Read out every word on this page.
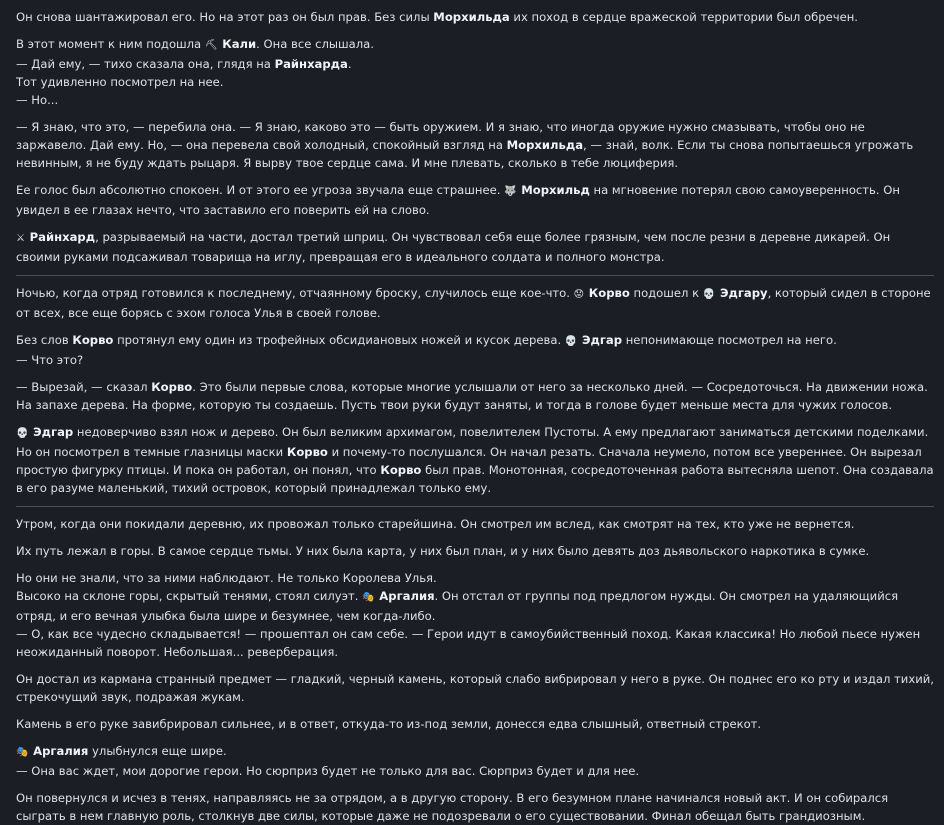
Он снова шантажировал его. Но на этот раз он был прав. Без силы Морхильда их поход в сердце вражеской территории был обречен.

В этот момент к ним подошла ⛏ Кали. Она все слышала.
— Дай ему, — тихо сказала она, глядя на Райнхарда.
Тот удивленно посмотрел на нее.
— Но...

— Я знаю, что это, — перебила она. — Я знаю, каково это — быть оружием. И я знаю, что иногда оружие нужно смазывать, чтобы оно не заржавело. Дай ему. Но, — она перевела свой холодный, спокойный взгляд на Морхильда, — знай, волк. Если ты снова попытаешься угрожать невинным, я не буду ждать рыцаря. Я вырву твое сердце сама. И мне плевать, сколько в тебе люциферия.

Ее голос был абсолютно спокоен. И от этого ее угроза звучала еще страшнее. 🐺 Морхильд на мгновение потерял свою самоуверенность. Он увидел в ее глазах нечто, что заставило его поверить ей на слово.

⚔ Райнхард, разрываемый на части, достал третий шприц. Он чувствовал себя еще более грязным, чем после резни в деревне дикарей. Он своими руками подсаживал товарища на иглу, превращая его в идеального солдата и полного монстра.

Ночью, когда отряд готовился к последнему, отчаянному броску, случилось еще кое-что. 😟 Корво подошел к 💀 Эдгару, который сидел в стороне от всех, все еще борясь с эхом голоса Улья в своей голове.

Без слов Корво протянул ему один из трофейных обсидиановых ножей и кусок дерева. 💀 Эдгар непонимающе посмотрел на него.
— Что это?

— Вырезай, — сказал Корво. Это были первые слова, которые многие услышали от него за несколько дней. — Сосредоточься. На движении ножа. На запахе дерева. На форме, которую ты создаешь. Пусть твои руки будут заняты, и тогда в голове будет меньше места для чужих голосов.

💀 Эдгар недоверчиво взял нож и дерево. Он был великим архимагом, повелителем Пустоты. А ему предлагают заниматься детскими поделками. Но он посмотрел в темные глазницы маски Корво и почему-то послушался. Он начал резать. Сначала неумело, потом все увереннее. Он вырезал простую фигурку птицы. И пока он работал, он понял, что Корво был прав. Монотонная, сосредоточенная работа вытесняла шепот. Она создавала в его разуме маленький, тихий островок, который принадлежал только ему.

Утром, когда они покидали деревню, их провожал только старейшина. Он смотрел им вслед, как смотрят на тех, кто уже не вернется.

Их путь лежал в горы. В самое сердце тьмы. У них была карта, у них был план, и у них было девять доз дьявольского наркотика в сумке.

Но они не знали, что за ними наблюдают. Не только Королева Улья.
Высоко на склоне горы, скрытый тенями, стоял силуэт. 🎭 Аргалия. Он отстал от группы под предлогом нужды. Он смотрел на удаляющийся отряд, и его вечная улыбка была шире и безумнее, чем когда-либо.
— О, как все чудесно складывается! — прошептал он сам себе. — Герои идут в самоубийственный поход. Какая классика! Но любой пьесе нужен неожиданный поворот. Небольшая... реверберация.

Он достал из кармана странный предмет — гладкий, черный камень, который слабо вибрировал у него в руке. Он поднес его ко рту и издал тихий, стрекочущий звук, подражая жукам.

Камень в его руке завибрировал сильнее, и в ответ, откуда-то из-под земли, донесся едва слышный, ответный стрекот.

🎭 Аргалия улыбнулся еще шире.
— Она вас ждет, мои дорогие герои. Но сюрприз будет не только для вас. Сюрприз будет и для нее.

Он повернулся и исчез в тенях, направляясь не за отрядом, а в другую сторону. В его безумном плане начинался новый акт. И он собирался сыграть в нем главную роль, столкнув две силы, которые даже не подозревали о его существовании. Финал обещал быть грандиозным.
